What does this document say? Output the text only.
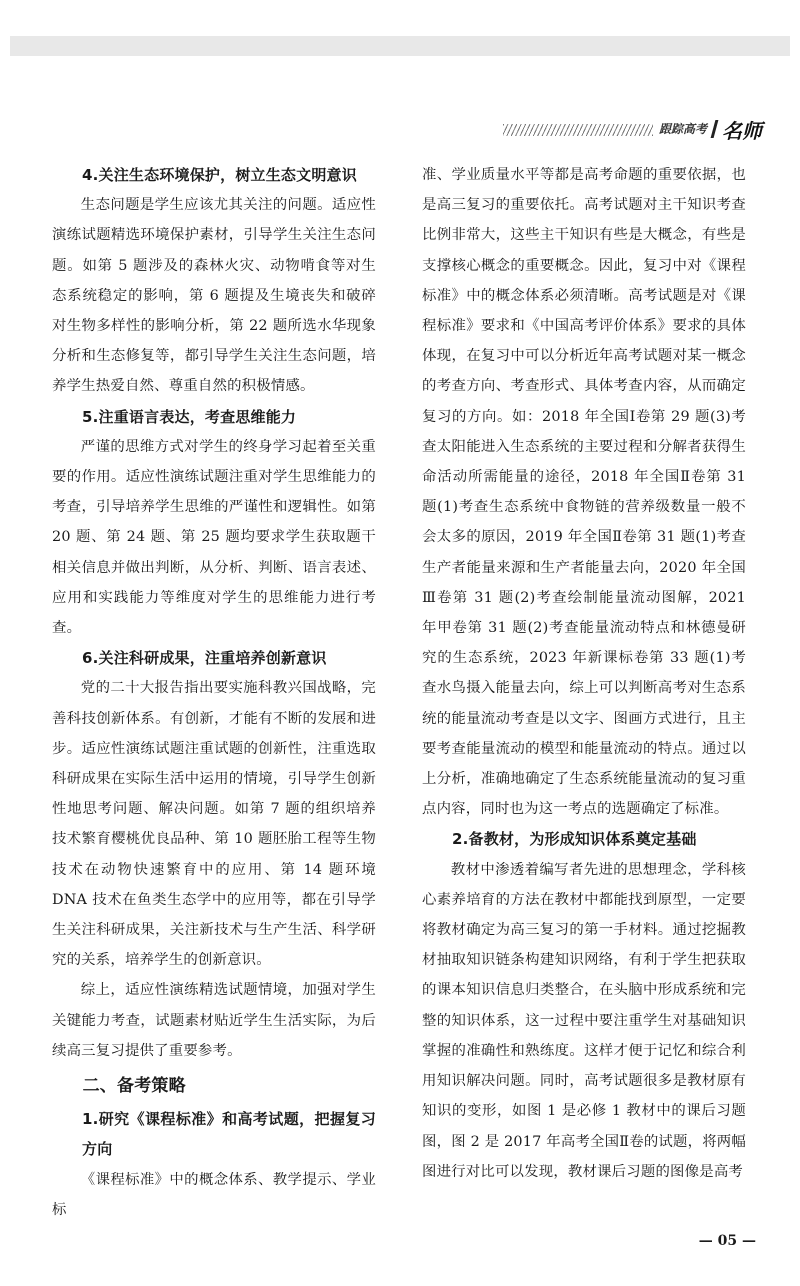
跟踪高考 名师
4.关注生态环境保护，树立生态文明意识

生态问题是学生应该尤其关注的问题。适应性演练试题精选环境保护素材，引导学生关注生态问题。如第 5 题涉及的森林火灾、动物啃食等对生态系统稳定的影响，第 6 题提及生境丧失和破碎对生物多样性的影响分析，第 22 题所选水华现象分析和生态修复等，都引导学生关注生态问题，培养学生热爱自然、尊重自然的积极情感。

5.注重语言表达，考查思维能力

严谨的思维方式对学生的终身学习起着至关重要的作用。适应性演练试题注重对学生思维能力的考查，引导培养学生思维的严谨性和逻辑性。如第 20 题、第 24 题、第 25 题均要求学生获取题干相关信息并做出判断，从分析、判断、语言表述、应用和实践能力等维度对学生的思维能力进行考查。

6.关注科研成果，注重培养创新意识

党的二十大报告指出要实施科教兴国战略，完善科技创新体系。有创新，才能有不断的发展和进步。适应性演练试题注重试题的创新性，注重选取科研成果在实际生活中运用的情境，引导学生创新性地思考问题、解决问题。如第 7 题的组织培养技术繁育樱桃优良品种、第 10 题胚胎工程等生物技术在动物快速繁育中的应用、第 14 题环境 DNA 技术在鱼类生态学中的应用等，都在引导学生关注科研成果，关注新技术与生产生活、科学研究的关系，培养学生的创新意识。

综上，适应性演练精选试题情境，加强对学生关键能力考查，试题素材贴近学生生活实际，为后续高三复习提供了重要参考。

二、备考策略
1.研究《课程标准》和高考试题，把握复习方向

《课程标准》中的概念体系、教学提示、学业标

准、学业质量水平等都是高考命题的重要依据，也是高三复习的重要依托。高考试题对主干知识考查比例非常大，这些主干知识有些是大概念，有些是支撑核心概念的重要概念。因此，复习中对《课程标准》中的概念体系必须清晰。高考试题是对《课程标准》要求和《中国高考评价体系》要求的具体体现，在复习中可以分析近年高考试题对某一概念的考查方向、考查形式、具体考查内容，从而确定复习的方向。如：2018 年全国Ⅰ卷第 29 题(3)考查太阳能进入生态系统的主要过程和分解者获得生命活动所需能量的途径，2018 年全国Ⅱ卷第 31 题(1)考查生态系统中食物链的营养级数量一般不会太多的原因，2019 年全国Ⅱ卷第 31 题(1)考查生产者能量来源和生产者能量去向，2020 年全国Ⅲ卷第 31 题(2)考查绘制能量流动图解，2021 年甲卷第 31 题(2)考查能量流动特点和林德曼研究的生态系统，2023 年新课标卷第 33 题(1)考查水鸟摄入能量去向，综上可以判断高考对生态系统的能量流动考查是以文字、图画方式进行，且主要考查能量流动的模型和能量流动的特点。通过以上分析，准确地确定了生态系统能量流动的复习重点内容，同时也为这一考点的选题确定了标准。

2.备教材，为形成知识体系奠定基础

教材中渗透着编写者先进的思想理念，学科核心素养培育的方法在教材中都能找到原型，一定要将教材确定为高三复习的第一手材料。通过挖掘教材抽取知识链条构建知识网络，有利于学生把获取的课本知识信息归类整合，在头脑中形成系统和完整的知识体系，这一过程中要注重学生对基础知识掌握的准确性和熟练度。这样才便于记忆和综合利用知识解决问题。同时，高考试题很多是教材原有知识的变形，如图 1 是必修 1 教材中的课后习题图，图 2 是 2017 年高考全国Ⅱ卷的试题，将两幅图进行对比可以发现，教材课后习题的图像是高考

— 05 —
